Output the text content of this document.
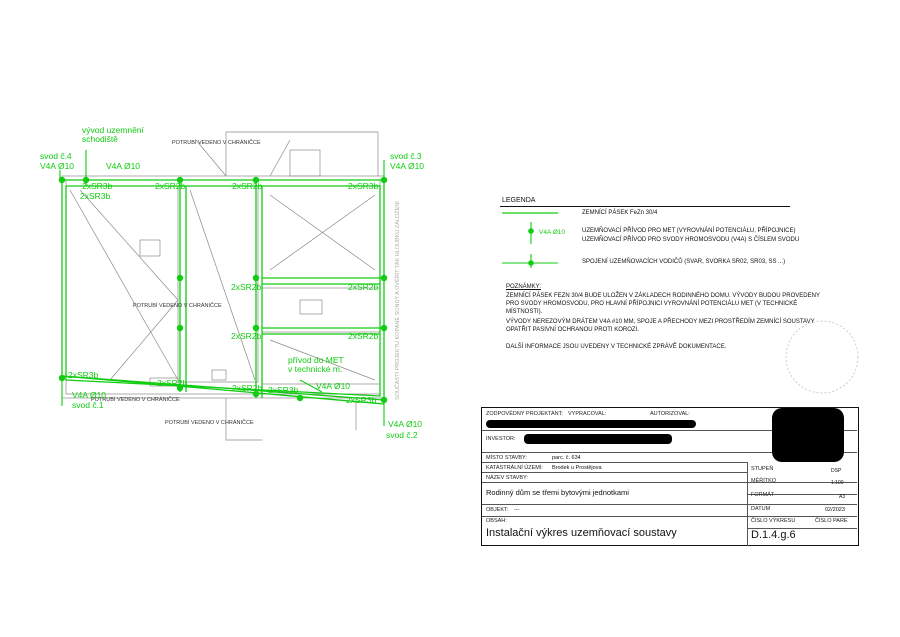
POTRUBÍ VEDENO V CHRÁNIČCE
POTRUBÍ VEDENO V CHRÁNIČCE
POTRUBÍ VEDENO V CHRÁNIČCE
POTRUBÍ VEDENO V CHRÁNIČCE
SOUČÁSTÍ PROJEKTU KOPANÉ SONDY A OVĚŘIT TAK HLOUBKU ZALOŽENÍ
vývod uzemnění
schodiště
svod č.4
V4A Ø10	V4A Ø10
svod č.3
V4A Ø10
2xSR3b
2xSR3b
2xSR2b	2xSR2b	2xSR3b
2xSR2b	2xSR2b
2xSR2b	2xSR2b
přívod do MET
v technické m.
V4A Ø10
2xSR3b
2xSR2b	2xSR2b 2xSR3b
2xSR3b
V4A Ø10
svod č.1
V4A Ø10
svod č.2
LEGENDA
ZEMNÍCÍ PÁSEK FeZn 30/4
V4A Ø10	UZEMŇOVACÍ PŘÍVOD PRO MET (VYROVNÁNÍ POTENCIÁLU, PŘÍPOJNICE)
UZEMŇOVACÍ PŘÍVOD PRO SVODY HROMOSVODU (V4A) S ČÍSLEM SVODU
SPOJENÍ UZEMŇOVACÍCH VODIČŮ (SVAR, SVORKA SR02, SR03, SS ...)
POZNÁMKY:
ZEMNÍCÍ PÁSEK FEZN 30/4 BUDE ULOŽEN V ZÁKLADECH RODINNÉHO DOMU. VÝVODY BUDOU PROVEDENY
PRO SVODY HROMOSVODU, PRO HLAVNÍ PŘÍPOJNICI VYROVNÁNÍ POTENCIÁLU MET (V TECHNICKÉ
MÍSTNOSTI).
VÝVODY NEREZOVÝM DRÁTEM V4A #10 MM, SPOJE A PŘECHODY MEZI PROSTŘEDÍM ZEMNÍCÍ SOUSTAVY
OPATŘIT PASIVNÍ OCHRANOU PROTI KOROZI.
DALŠÍ INFORMACE JSOU UVEDENY V TECHNICKÉ ZPRÁVĚ DOKUMENTACE.
ZODPOVĚDNÝ PROJEKTANT: VYPRACOVAL:	AUTORIZOVAL:
INVESTOR:
MÍSTO STAVBY:	parc. č. 634
KATASTRÁLNÍ ÚZEMÍ: Brodek u Prostějova
NÁZEV STAVBY:
Rodinný dům se třemi bytovými jednotkami
OBJEKT: ---
OBSAH:
Instalační výkres uzemňovací soustavy
STUPEŇ	DSP
MĚŘÍTKO	1:100
FORMÁT	A3
DATUM	02/2023
ČÍSLO VÝKRESU	ČÍSLO PARE
D.1.4.g.6
